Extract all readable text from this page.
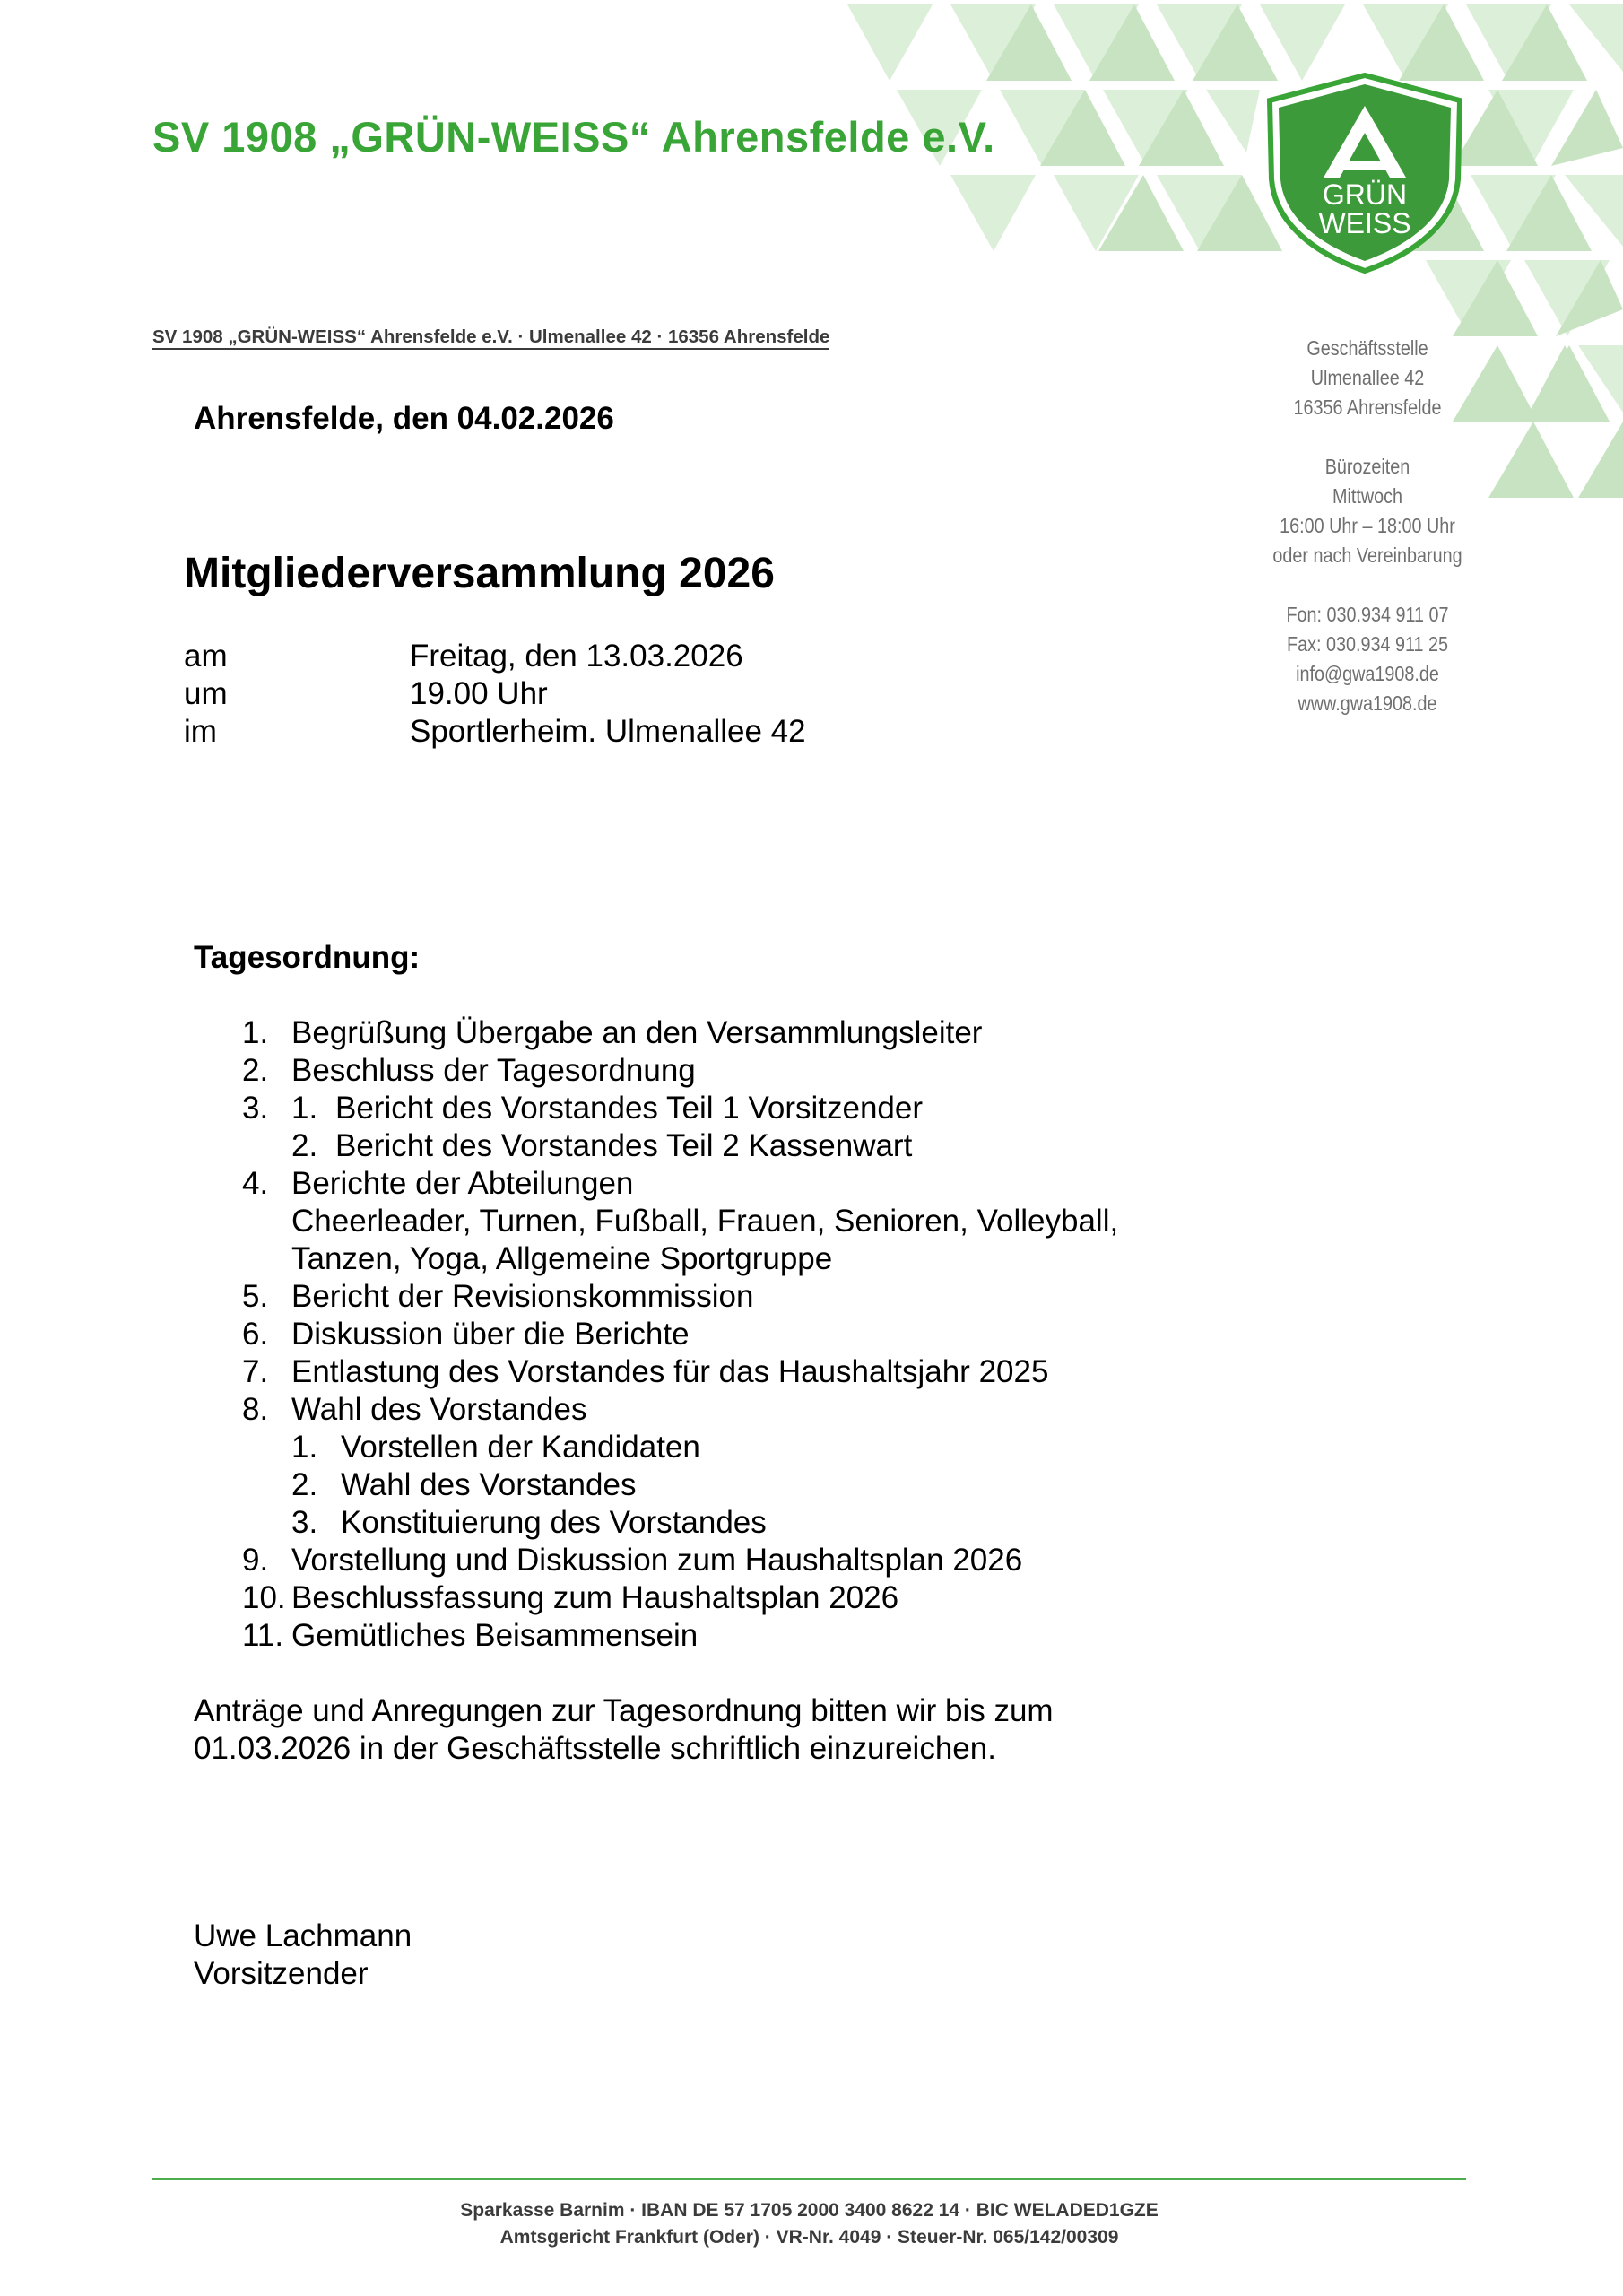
SV 1908 „GRÜN-WEISS“ Ahrensfelde e.V.
SV 1908 „GRÜN-WEISS“ Ahrensfelde e.V. · Ulmenallee 42 · 16356 Ahrensfelde
GRÜN
WEISS
Geschäftsstelle
Ulmenallee 42
16356 Ahrensfelde
Bürozeiten
Mittwoch
16:00 Uhr – 18:00 Uhr
oder nach Vereinbarung
Fon: 030.934 911 07
Fax: 030.934 911 25
info@gwa1908.de
www.gwa1908.de
Ahrensfelde, den 04.02.2026
Mitgliederversammlung 2026
am	Freitag, den 13.03.2026
um	19.00 Uhr
im	Sportlerheim. Ulmenallee 42
Tagesordnung:
1. Begrüßung Übergabe an den Versammlungsleiter
2. Beschluss der Tagesordnung
3. 1. Bericht des Vorstandes Teil 1 Vorsitzender
2. Bericht des Vorstandes Teil 2 Kassenwart
4. Berichte der Abteilungen
Cheerleader, Turnen, Fußball, Frauen, Senioren, Volleyball,
Tanzen, Yoga, Allgemeine Sportgruppe
5. Bericht der Revisionskommission
6. Diskussion über die Berichte
7. Entlastung des Vorstandes für das Haushaltsjahr 2025
8. Wahl des Vorstandes
1. Vorstellen der Kandidaten
2. Wahl des Vorstandes
3. Konstituierung des Vorstandes
9. Vorstellung und Diskussion zum Haushaltsplan 2026
10. Beschlussfassung zum Haushaltsplan 2026
11. Gemütliches Beisammensein
Anträge und Anregungen zur Tagesordnung bitten wir bis zum
01.03.2026 in der Geschäftsstelle schriftlich einzureichen.
Uwe Lachmann
Vorsitzender
Sparkasse Barnim · IBAN DE 57 1705 2000 3400 8622 14 · BIC WELADED1GZE
Amtsgericht Frankfurt (Oder) · VR-Nr. 4049 · Steuer-Nr. 065/142/00309
